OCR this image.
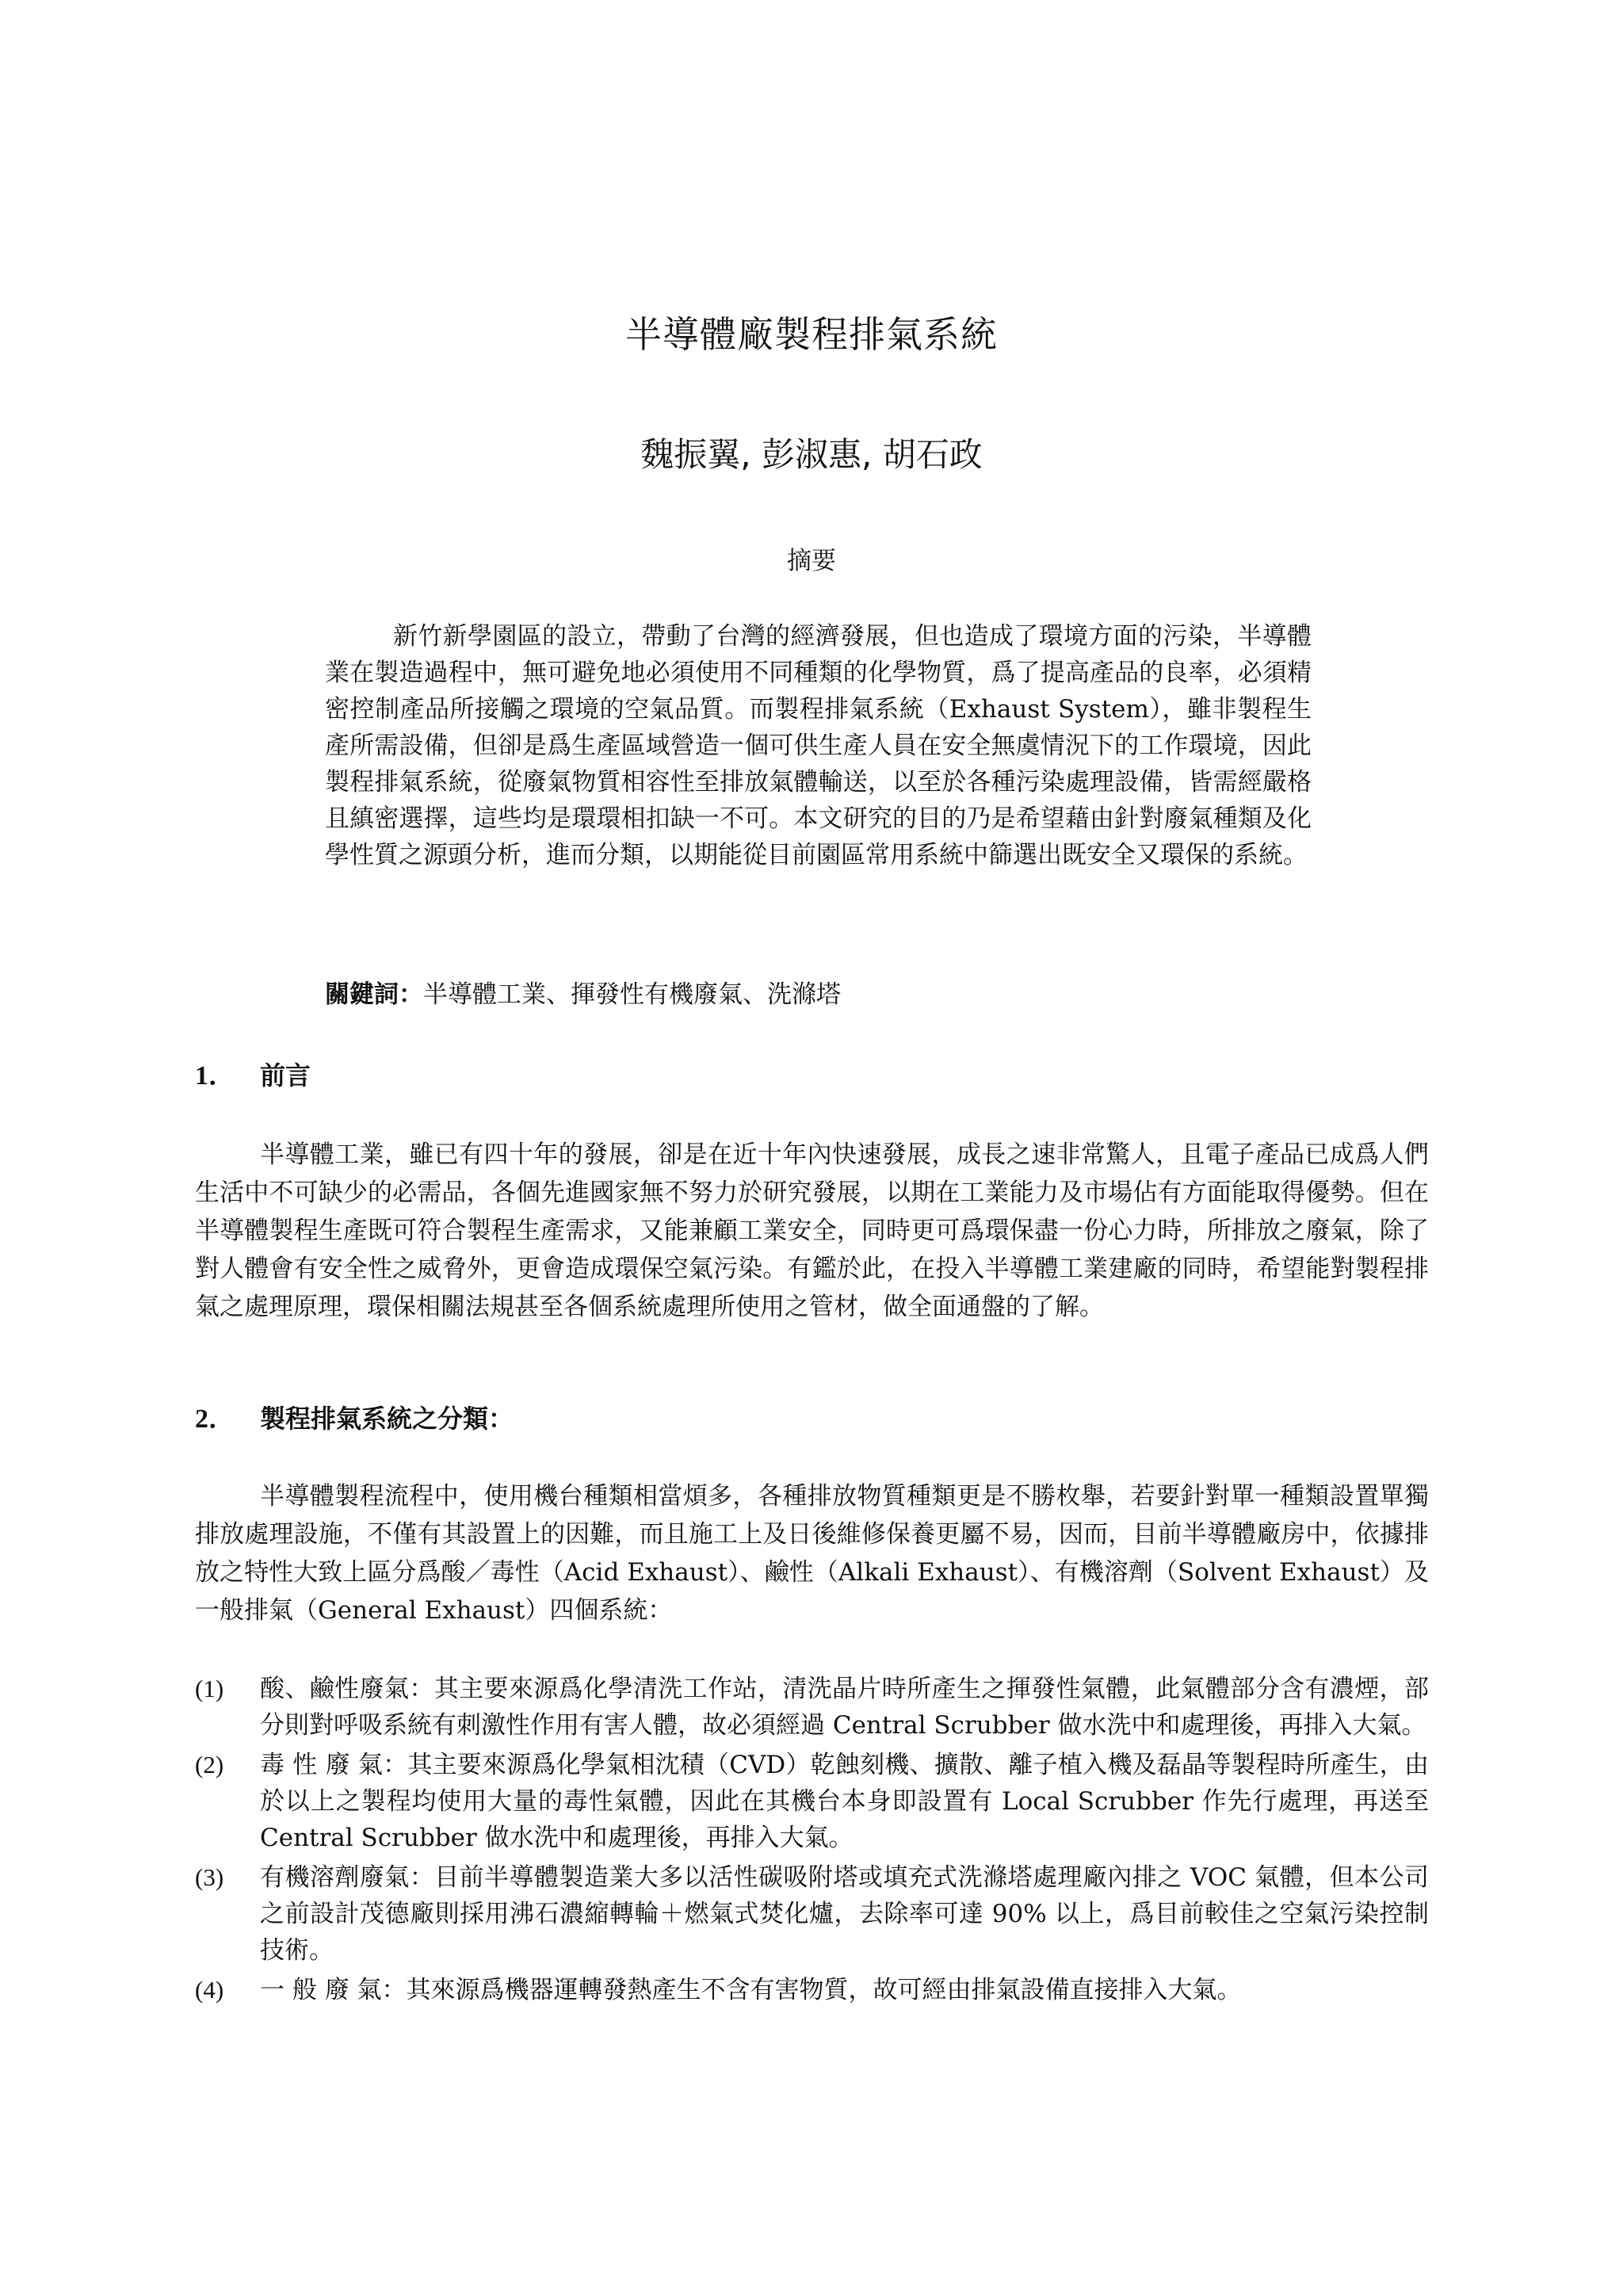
半導體廠製程排氣系統
魏振翼, 彭淑惠, 胡石政
摘要

新竹新學園區的設立，帶動了台灣的經濟發展，但也造成了環境方面的污染，半導體業在製造過程中，無可避免地必須使用不同種類的化學物質，爲了提高產品的良率，必須精密控制產品所接觸之環境的空氣品質。而製程排氣系統（Exhaust System），雖非製程生產所需設備，但卻是爲生產區域營造一個可供生產人員在安全無虞情況下的工作環境，因此製程排氣系統，從廢氣物質相容性至排放氣體輸送，以至於各種污染處理設備，皆需經嚴格且縝密選擇，這些均是環環相扣缺一不可。本文研究的目的乃是希望藉由針對廢氣種類及化學性質之源頭分析，進而分類，以期能從目前園區常用系統中篩選出既安全又環保的系統。

關鍵詞：半導體工業、揮發性有機廢氣、洗滌塔

1． 前言

半導體工業，雖已有四十年的發展，卻是在近十年內快速發展，成長之速非常驚人，且電子產品已成爲人們生活中不可缺少的必需品，各個先進國家無不努力於研究發展，以期在工業能力及市場佔有方面能取得優勢。但在半導體製程生產既可符合製程生產需求，又能兼顧工業安全，同時更可爲環保盡一份心力時，所排放之廢氣，除了對人體會有安全性之威脅外，更會造成環保空氣污染。有鑑於此，在投入半導體工業建廠的同時，希望能對製程排氣之處理原理，環保相關法規甚至各個系統處理所使用之管材，做全面通盤的了解。

2． 製程排氣系統之分類：

半導體製程流程中，使用機台種類相當煩多，各種排放物質種類更是不勝枚舉，若要針對單一種類設置單獨排放處理設施，不僅有其設置上的因難，而且施工上及日後維修保養更屬不易，因而，目前半導體廠房中，依據排放之特性大致上區分爲酸／毒性（Acid Exhaust）、鹼性（Alkali Exhaust）、有機溶劑（Solvent Exhaust）及一般排氣（General Exhaust）四個系統：

(1) 酸、鹼性廢氣：其主要來源爲化學清洗工作站，清洗晶片時所產生之揮發性氣體，此氣體部分含有濃煙，部分則對呼吸系統有刺激性作用有害人體，故必須經過 Central Scrubber 做水洗中和處理後，再排入大氣。
(2) 毒 性 廢 氣：其主要來源爲化學氣相沈積（CVD）乾蝕刻機、擴散、離子植入機及磊晶等製程時所產生，由於以上之製程均使用大量的毒性氣體，因此在其機台本身即設置有 Local Scrubber 作先行處理，再送至 Central Scrubber 做水洗中和處理後，再排入大氣。
(3) 有機溶劑廢氣：目前半導體製造業大多以活性碳吸附塔或填充式洗滌塔處理廠內排之 VOC 氣體，但本公司之前設計茂德廠則採用沸石濃縮轉輪＋燃氣式焚化爐，去除率可達 90% 以上，爲目前較佳之空氣污染控制技術。
(4) 一 般 廢 氣：其來源爲機器運轉發熱產生不含有害物質，故可經由排氣設備直接排入大氣。
